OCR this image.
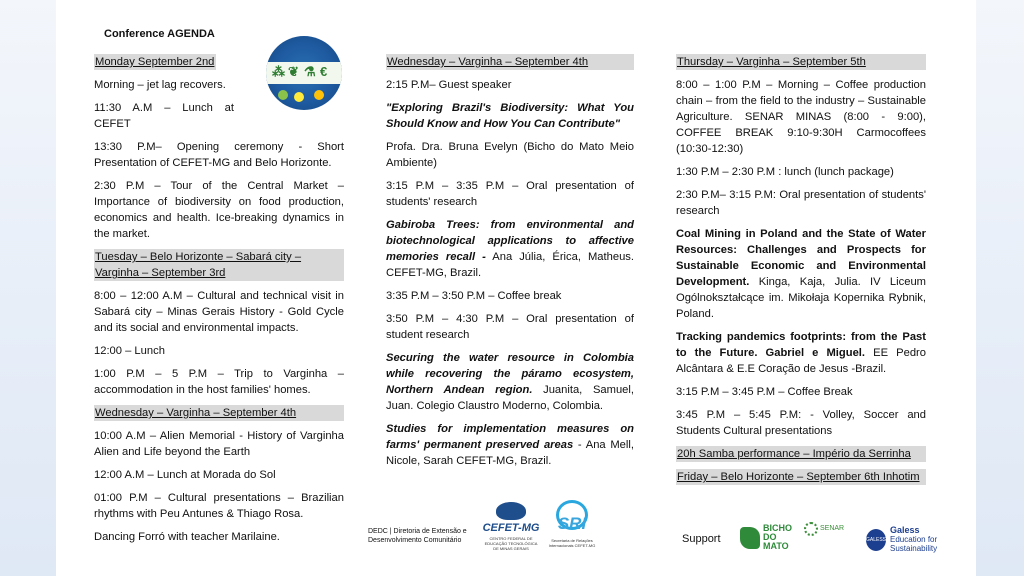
Conference AGENDA
⁂ ❦ ⚗ €
Monday September 2nd

Morning – jet lag recovers.

11:30 A.M – Lunch at CEFET

13:30 P.M– Opening ceremony - Short Presentation of CEFET-MG and Belo Horizonte.

2:30 P.M – Tour of the Central Market – Importance of biodiversity on food production, economics and health. Ice-breaking dynamics in the market.

Tuesday – Belo Horizonte – Sabará city – Varginha – September 3rd

8:00 – 12:00 A.M – Cultural and technical visit in Sabará city – Minas Gerais History - Gold Cycle and its social and environmental impacts.

12:00 – Lunch

1:00 P.M – 5 P.M – Trip to Varginha – accommodation in the host families' homes.

Wednesday – Varginha – September 4th

10:00 A.M – Alien Memorial - History of Varginha Alien and Life beyond the Earth

12:00 A.M – Lunch at Morada do Sol

01:00 P.M – Cultural presentations – Brazilian rhythms with Peu Antunes & Thiago Rosa.

Dancing Forró with teacher Marilaine.

Wednesday – Varginha – September 4th

2:15 P.M– Guest speaker

"Exploring Brazil's Biodiversity: What You Should Know and How You Can Contribute"

Profa. Dra. Bruna Evelyn (Bicho do Mato Meio Ambiente)

3:15 P.M – 3:35 P.M – Oral presentation of students' research

Gabiroba Trees: from environmental and biotechnological applications to affective memories recall - Ana Júlia, Érica, Matheus. CEFET-MG, Brazil.

3:35 P.M – 3:50 P.M – Coffee break

3:50 P.M – 4:30 P.M – Oral presentation of student research

Securing the water resource in Colombia while recovering the páramo ecosystem, Northern Andean region. Juanita, Samuel, Juan. Colegio Claustro Moderno, Colombia.

Studies for implementation measures on farms' permanent preserved areas - Ana Mell, Nicole, Sarah CEFET-MG, Brazil.

Thursday – Varginha – September 5th

8:00 – 1:00 P.M – Morning – Coffee production chain – from the field to the industry – Sustainable Agriculture. SENAR MINAS (8:00 - 9:00), COFFEE BREAK 9:10-9:30H Carmocoffees (10:30-12:30)

1:30 P.M – 2:30 P.M : lunch (lunch package)

2:30 P.M– 3:15 P.M: Oral presentation of students' research

Coal Mining in Poland and the State of Water Resources: Challenges and Prospects for Sustainable Economic and Environmental Development. Kinga, Kaja, Julia. IV Liceum Ogólnokształcące im. Mikołaja Kopernika Rybnik, Poland.

Tracking pandemics footprints: from the Past to the Future. Gabriel e Miguel. EE Pedro Alcântara & E.E Coração de Jesus -Brazil.

3:15 P.M – 3:45 P.M – Coffee Break

3:45 P.M – 5:45 P.M: - Volley, Soccer and Students Cultural presentations

20h Samba performance – Império da Serrinha
Friday – Belo Horizonte – September 6th Inhotim
DEDC | Diretoria de Extensão e Desenvolvimento Comunitário
CEFET-MG
CENTRO FEDERAL DE EDUCAÇÃO TECNOLÓGICA DE MINAS GERAIS
SRI
Secretaria de Relações Internacionais CEFET-MG
Support
BICHO DO MATO
SENAR
GALESS
Galess
Education for Sustainability
